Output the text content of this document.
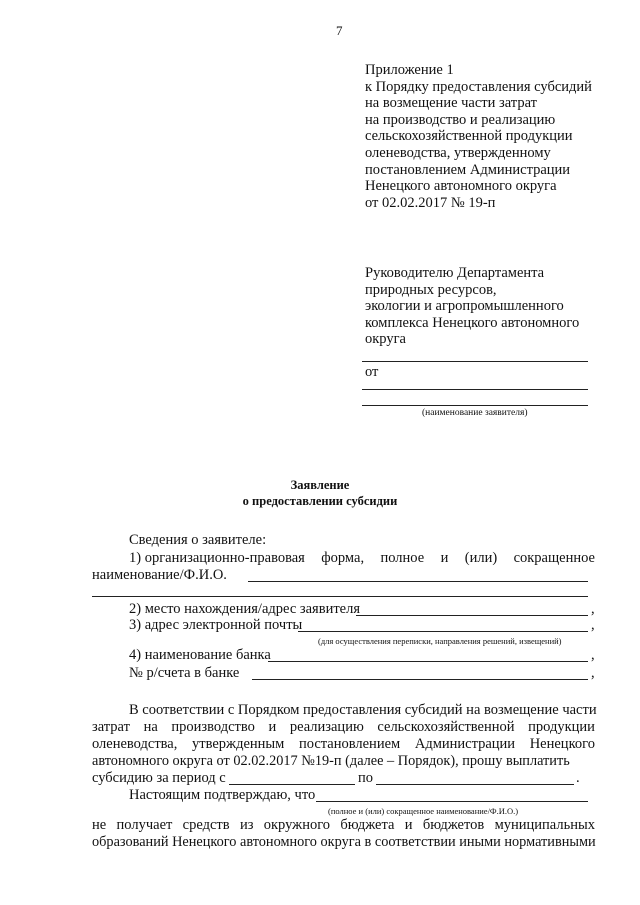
7
Приложение 1
к Порядку предоставления субсидий
на возмещение части затрат
на производство и реализацию
сельскохозяйственной продукции
оленеводства, утвержденному
постановлением Администрации
Ненецкого автономного округа
от 02.02.2017 № 19-п
Руководителю Департамента
природных ресурсов,
экологии и агропромышленного
комплекса Ненецкого автономного
округа
от
(наименование заявителя)
Заявление
о предоставлении субсидии
Сведения о заявителе:
1) организационно-правовая форма, полное и (или) сокращенное
наименование/Ф.И.О.
2) место нахождения/адрес заявителя	,
3) адрес электронной почты	,
(для осуществления переписки, направления решений, извещений)
4) наименование банка	,
№ р/счета в банке	,
В соответствии с Порядком предоставления субсидий на возмещение части
затрат на производство и реализацию сельскохозяйственной продукции
оленеводства, утвержденным постановлением Администрации Ненецкого
автономного округа от 02.02.2017 №19-п (далее – Порядок), прошу выплатить
субсидию за период с	по	.
Настоящим подтверждаю, что
(полное и (или) сокращенное наименование/Ф.И.О.)
не получает средств из окружного бюджета и бюджетов муниципальных
образований Ненецкого автономного округа в соответствии иными нормативными
